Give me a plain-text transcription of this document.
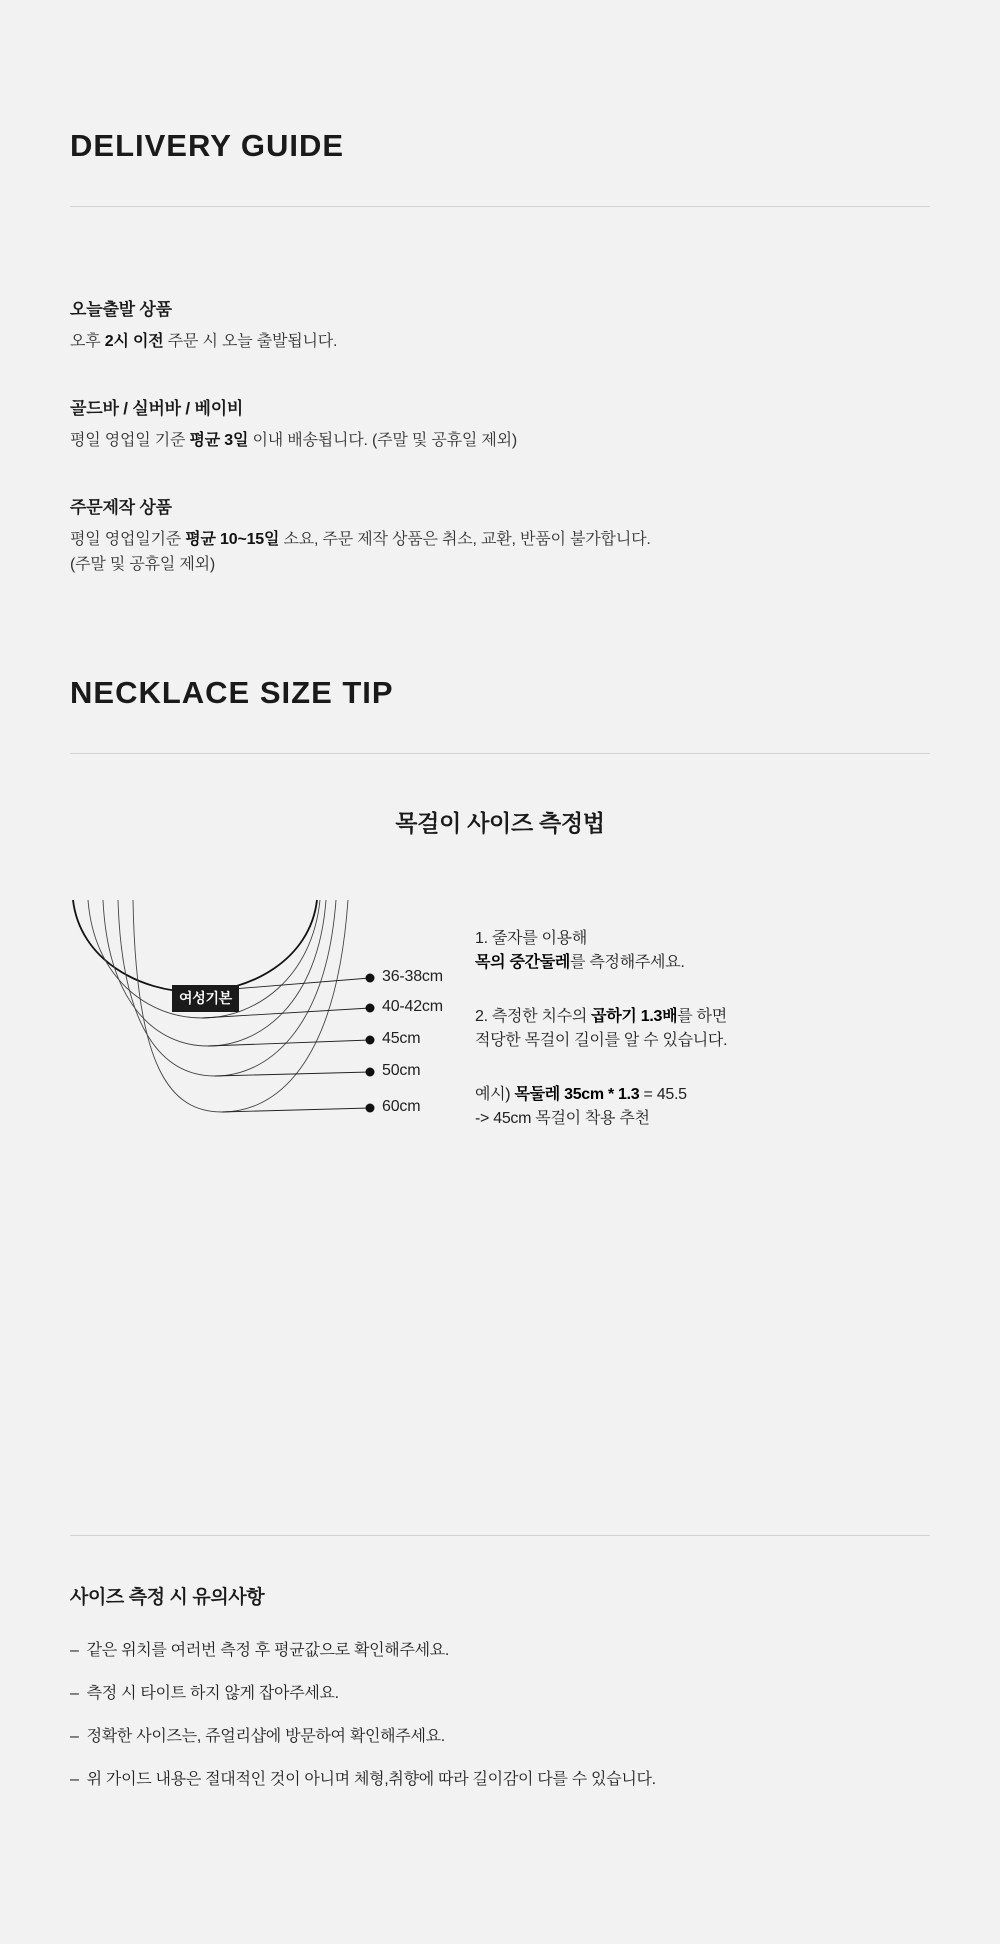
DELIVERY GUIDE
오늘출발 상품
오후 2시 이전 주문 시 오늘 출발됩니다.
골드바 / 실버바 / 베이비
평일 영업일 기준 평균 3일 이내 배송됩니다. (주말 및 공휴일 제외)
주문제작 상품
평일 영업일기준 평균 10~15일 소요, 주문 제작 상품은 취소, 교환, 반품이 불가합니다.
(주말 및 공휴일 제외)
NECKLACE SIZE TIP
목걸이 사이즈 측정법
여성기본
36-38cm
40-42cm
45cm
50cm
60cm
1. 줄자를 이용해
목의 중간둘레를 측정해주세요.
2. 측정한 치수의 곱하기 1.3배를 하면
적당한 목걸이 길이를 알 수 있습니다.
예시) 목둘레 35cm * 1.3 = 45.5
-> 45cm 목걸이 착용 추천
사이즈 측정 시 유의사항
– 같은 위치를 여러번 측정 후 평균값으로 확인해주세요.
– 측정 시 타이트 하지 않게 잡아주세요.
– 정확한 사이즈는, 쥬얼리샵에 방문하여 확인해주세요.
– 위 가이드 내용은 절대적인 것이 아니며 체형,취향에 따라 길이감이 다를 수 있습니다.
